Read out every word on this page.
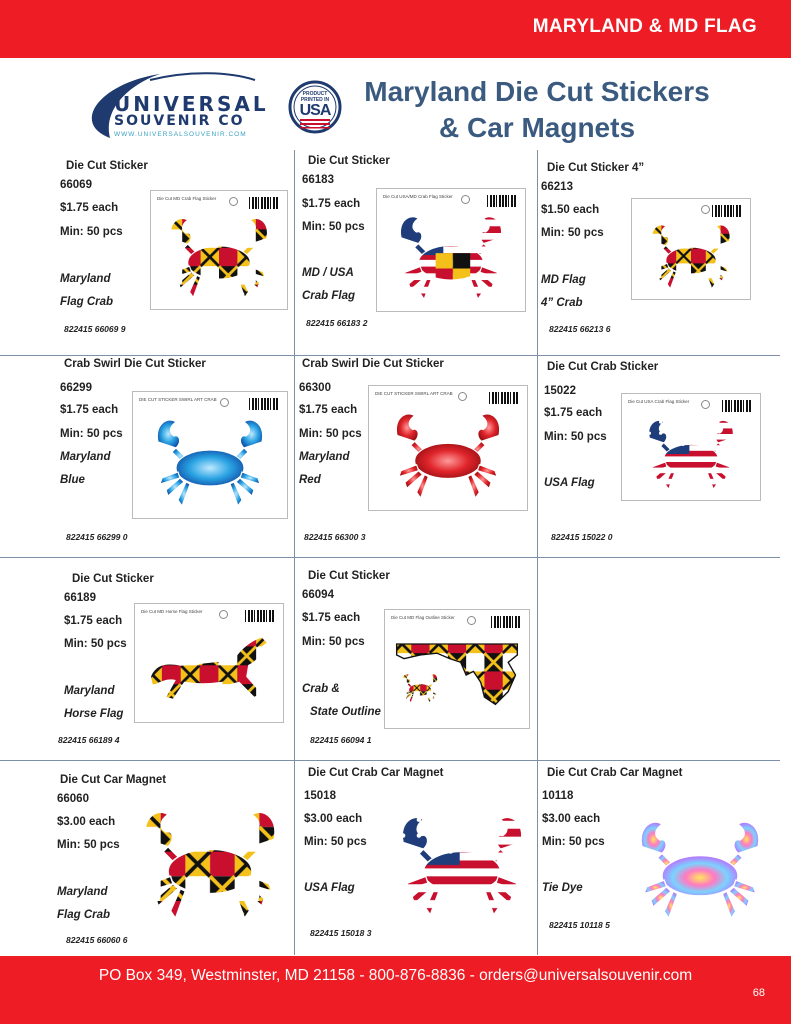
MARYLAND & MD FLAG
UNIVERSAL
SOUVENIR CO
WWW.UNIVERSALSOUVENIR.COM
PRODUCT
PRINTED IN
USA
Maryland Die Cut Stickers
& Car Magnets
Die Cut Sticker
66069
$1.75 each
Min: 50 pcs
Maryland
Flag Crab
822415 66069 9
Die Cut MD Crab Flag Sticker
Die Cut Sticker
66183
$1.75 each
Min: 50 pcs
MD / USA
Crab Flag
822415 66183 2
Die Cut USA/MD Crab Flag Sticker
Die Cut Sticker 4”
66213
$1.50 each
Min: 50 pcs
MD Flag
4” Crab
822415 66213 6
Crab Swirl Die Cut Sticker
66299
$1.75 each
Min: 50 pcs
Maryland
Blue
822415 66299 0
DIE CUT STICKER SWIRL ART CRAB
Crab Swirl Die Cut Sticker
66300
$1.75 each
Min: 50 pcs
Maryland
Red
822415 66300 3
DIE CUT STICKER SWIRL ART CRAB
Die Cut Crab Sticker
15022
$1.75 each
Min: 50 pcs
USA Flag
822415 15022 0
Die Cut USA Crab Flag Sticker
Die Cut Sticker
66189
$1.75 each
Min: 50 pcs
Maryland
Horse Flag
822415 66189 4
Die Cut MD Horse Flag Sticker
Die Cut Sticker
66094
$1.75 each
Min: 50 pcs
Crab &
State Outline
822415 66094 1
Die Cut MD Flag Outline Sticker
Die Cut Car Magnet
66060
$3.00 each
Min: 50 pcs
Maryland
Flag Crab
822415 66060 6
Die Cut Crab Car Magnet
15018
$3.00 each
Min: 50 pcs
USA Flag
822415 15018 3
Die Cut Crab Car Magnet
10118
$3.00 each
Min: 50 pcs
Tie Dye
822415 10118 5
PO Box 349, Westminster, MD 21158 - 800-876-8836 - orders@universalsouvenir.com
68
